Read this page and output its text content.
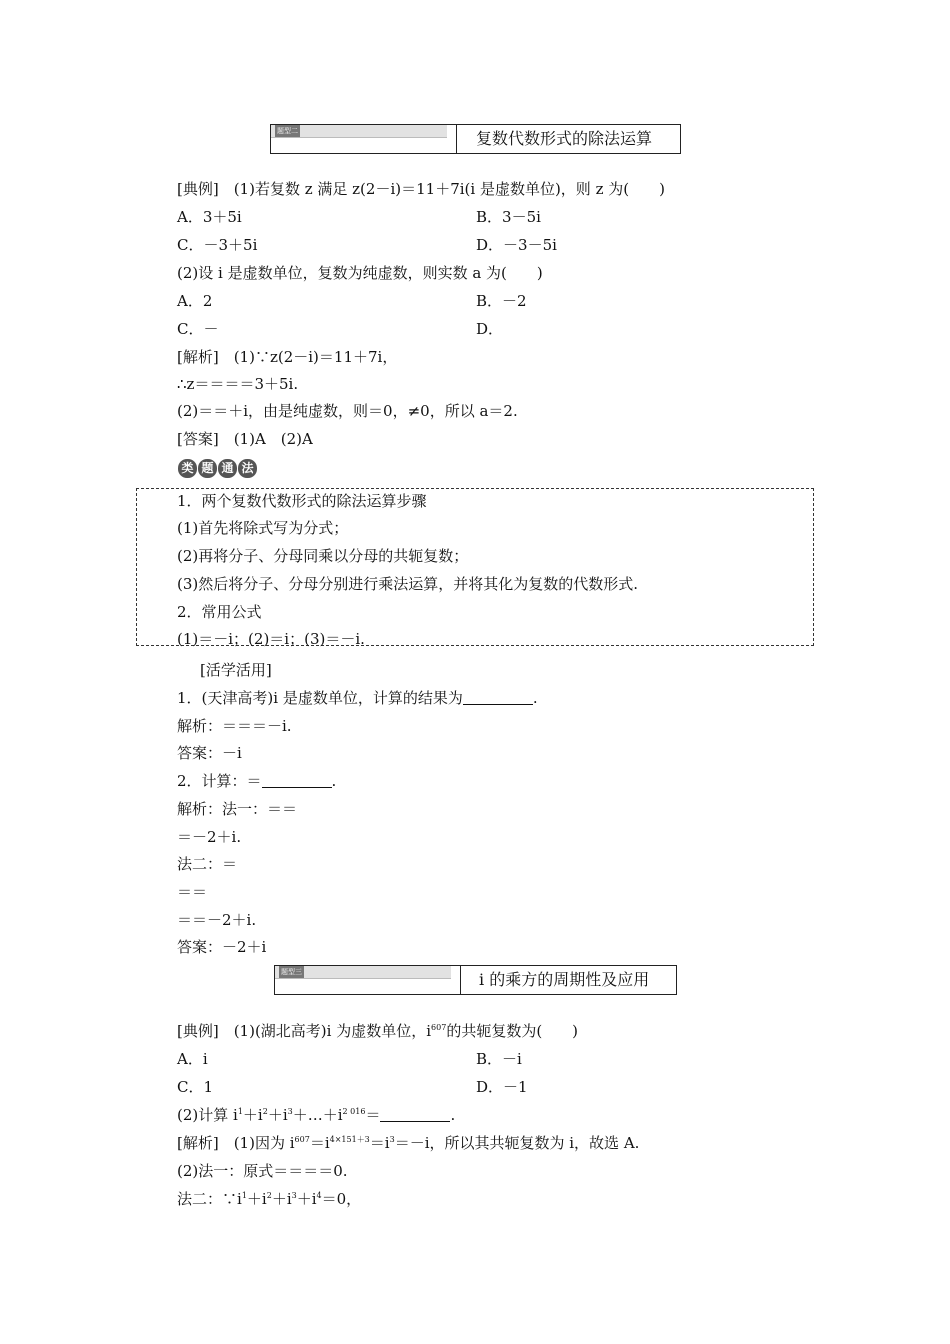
题型二	复数代数形式的除法运算
[典例]　(1)若复数 z 满足 z(2－i)＝11＋7i(i 是虚数单位)，则 z 为(　　)
A．3＋5i	B．3－5i
C．－3＋5i	D．－3－5i
(2)设 i 是虚数单位，复数为纯虚数，则实数 a 为(　　)
A．2	B．－2
C．－	D．
[解析]　(1)∵z(2－i)＝11＋7i，
∴z＝＝＝＝3＋5i.
(2)＝＝＋i，由是纯虚数，则＝0，≠0，所以 a＝2.
[答案]　(1)A　(2)A
类 题 通 法
1．两个复数代数形式的除法运算步骤
(1)首先将除式写为分式；
(2)再将分子、分母同乘以分母的共轭复数；
(3)然后将分子、分母分别进行乘法运算，并将其化为复数的代数形式.
2．常用公式
(1)＝－i；(2)＝i；(3)＝－i.
[活学活用]
1．(天津高考)i 是虚数单位，计算的结果为	.
解析：＝＝＝－i.
答案：－i
2．计算：＝	.
解析：法一：＝＝
＝－2＋i.
法二：＝
＝＝
＝＝－2＋i.
答案：－2＋i
题型三	i 的乘方的周期性及应用
[典例]　(1)(湖北高考)i 为虚数单位，$i^{607}$的共轭复数为(　　)
A．i	B．－i
C．1	D．－1
(2)计算 $i^1+i^2+i^3+\dots+i^{2 016}=$	.
[解析]　(1)因为 $i^{607}=i^{4\times 151+3}=i^3=-i$，所以其共轭复数为 i，故选 A.
(2)法一：原式＝＝＝＝0.
法二：$\because i^1+i^2+i^3+i^4=0$，
